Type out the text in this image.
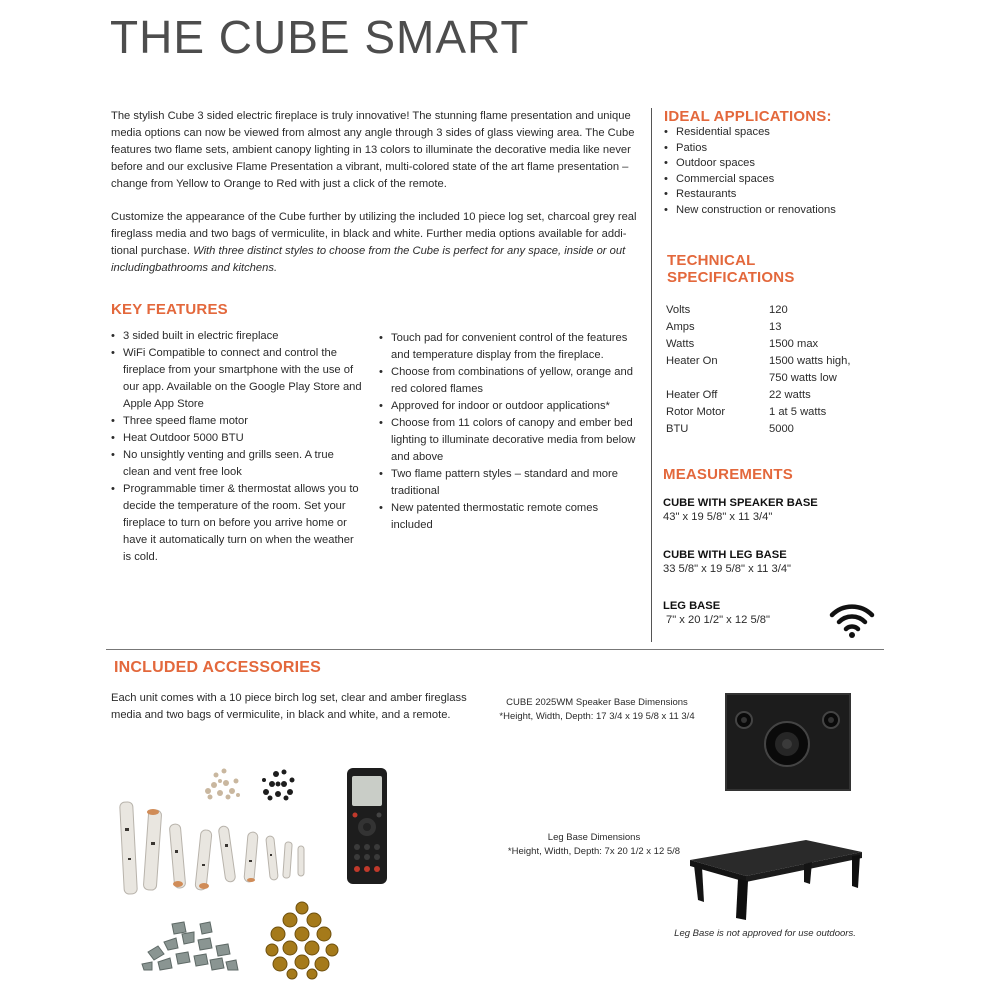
THE CUBE SMART

The stylish Cube 3 sided electric fireplace is truly innovative! The stunning flame presentation and unique media options can now be viewed from almost any angle through 3 sides of glass viewing area. The Cube features two flame sets, ambient canopy lighting in 13 colors to illuminate the decorative media like never before and our exclusive Flame Presentation a vibrant, multi-colored state of the art flame presentation – change from Yellow to Orange to Red with just a click of the remote.

Customize the appearance of the Cube further by utilizing the included 10 piece log set, charcoal grey real fireglass media and two bags of vermiculite, in black and white. Further media options available for addi-tional purchase. With three distinct styles to choose from the Cube is perfect for any space, inside or out includingbathrooms and kitchens.

KEY FEATURES
• 3 sided built in electric fireplace
• WiFi Compatible to connect and control the fireplace from your smartphone with the use of our app. Available on the Google Play Store and Apple App Store
• Three speed flame motor
• Heat Outdoor 5000 BTU
• No unsightly venting and grills seen. A true clean and vent free look
• Programmable timer & thermostat allows you to decide the temperature of the room. Set your fireplace to turn on before you arrive home or have it automatically turn on when the weather is cold.
• Touch pad for convenient control of the features and temperature display from the fireplace.
• Choose from combinations of yellow, orange and red colored flames
• Approved for indoor or outdoor applications*
• Choose from 11 colors of canopy and ember bed lighting to illuminate decorative media from below and above
• Two flame pattern styles – standard and more traditional
• New patented thermostatic remote comes included
IDEAL APPLICATIONS:
• Residential spaces
• Patios
• Outdoor spaces
• Commercial spaces
• Restaurants
• New construction or renovations
TECHNICAL
SPECIFICATIONS
Volts	120
Amps	13
Watts	1500 max
Heater On	1500 watts high,
750 watts low
Heater Off	22 watts
Rotor Motor	1 at 5 watts
BTU	5000
MEASUREMENTS
CUBE WITH SPEAKER BASE
43" x 19 5/8" x 11 3/4"
CUBE WITH LEG BASE
33 5/8" x 19 5/8" x 11 3/4"
LEG BASE
7" x 20 1/2" x 12 5/8"
INCLUDED ACCESSORIES

Each unit comes with a 10 piece birch log set, clear and amber fireglass media and two bags of vermiculite, in black and white, and a remote.

CUBE 2025WM Speaker Base Dimensions
*Height, Width, Depth: 17 3/4 x 19 5/8 x 11 3/4
Leg Base Dimensions
*Height, Width, Depth: 7x 20 1/2 x 12 5/8
Leg Base is not approved for use outdoors.
